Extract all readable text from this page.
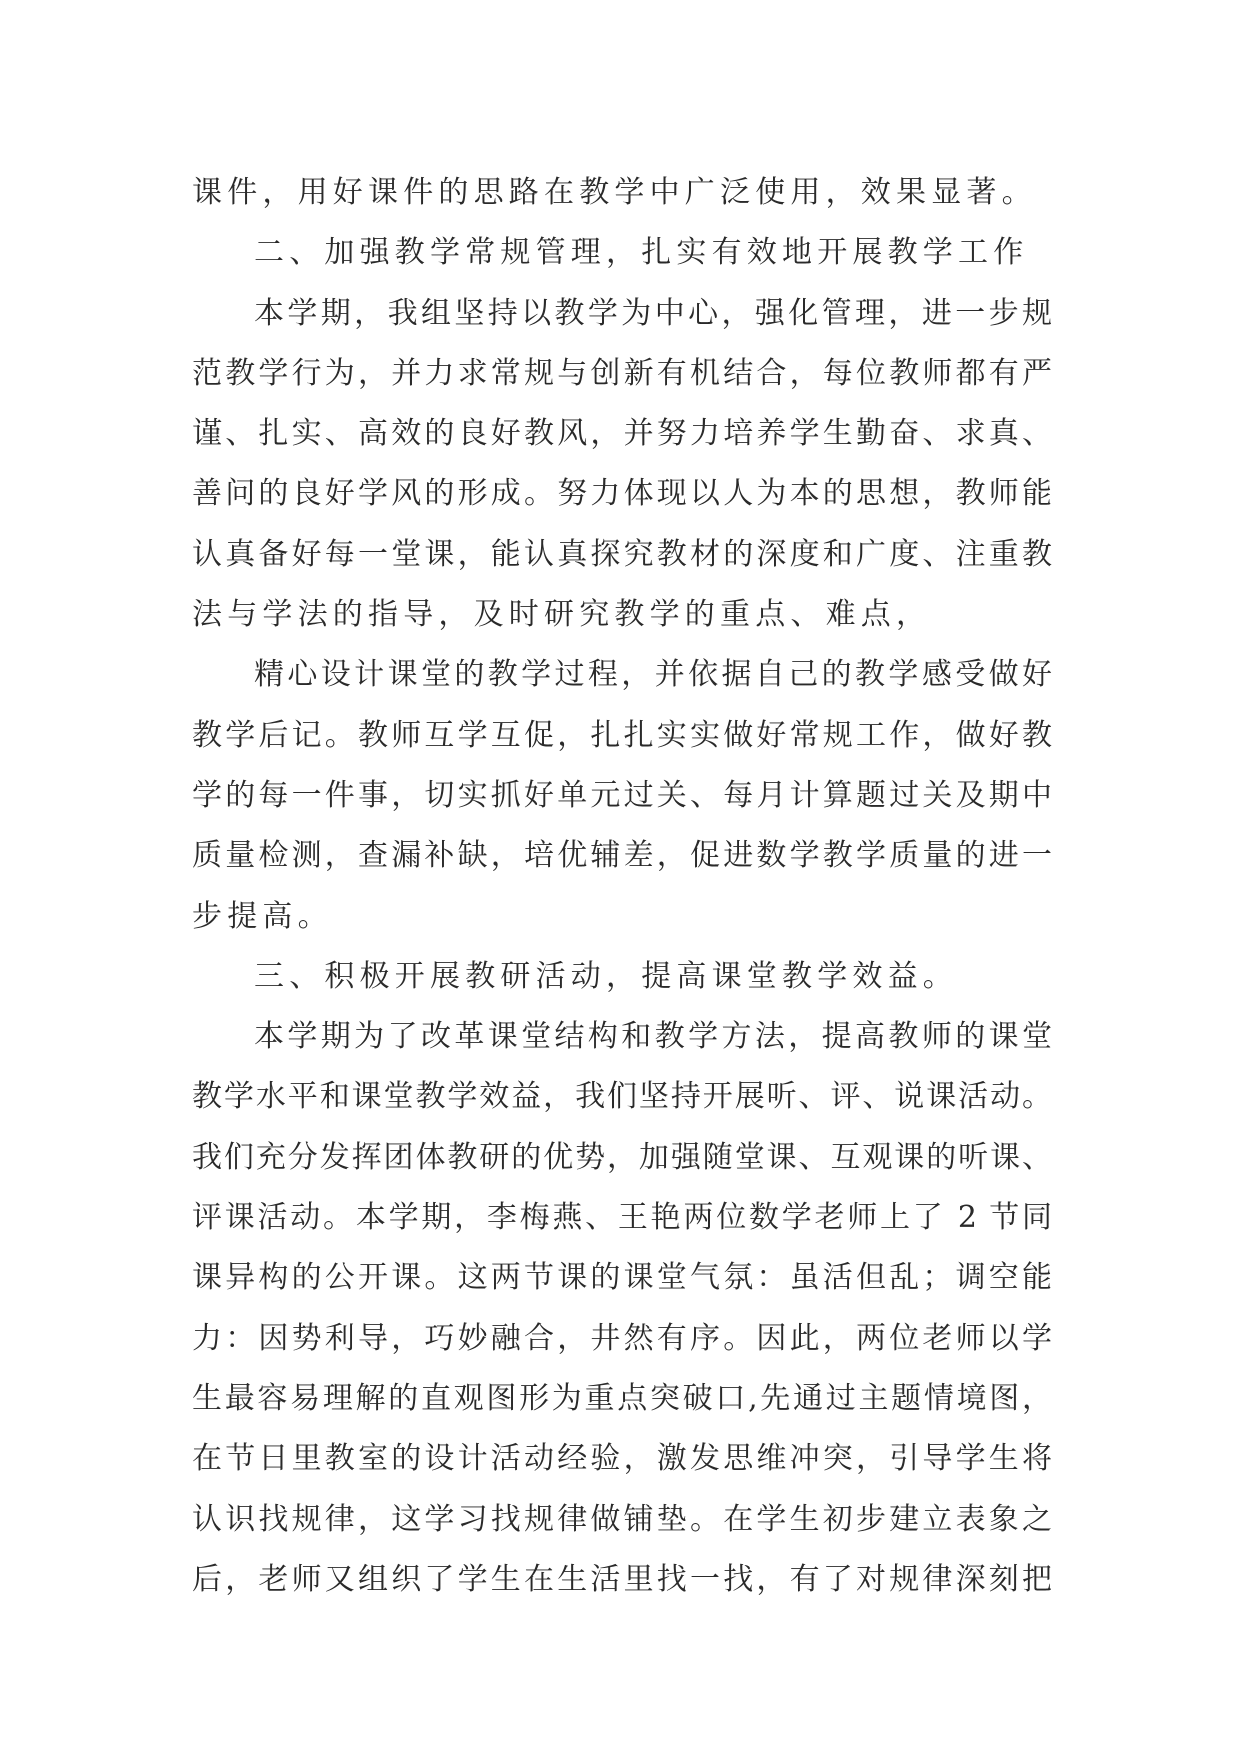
课件，用好课件的思路在教学中广泛使用，效果显著。
二、加强教学常规管理，扎实有效地开展教学工作
本学期，我组坚持以教学为中心，强化管理，进一步规
范教学行为，并力求常规与创新有机结合，每位教师都有严
谨、扎实、高效的良好教风，并努力培养学生勤奋、求真、
善问的良好学风的形成。努力体现以人为本的思想，教师能
认真备好每一堂课，能认真探究教材的深度和广度、注重教
法与学法的指导，及时研究教学的重点、难点，
精心设计课堂的教学过程，并依据自己的教学感受做好
教学后记。教师互学互促，扎扎实实做好常规工作，做好教
学的每一件事，切实抓好单元过关、每月计算题过关及期中
质量检测，查漏补缺，培优辅差，促进数学教学质量的进一
步提高。
三、积极开展教研活动，提高课堂教学效益。
本学期为了改革课堂结构和教学方法，提高教师的课堂
教学水平和课堂教学效益，我们坚持开展听、评、说课活动。
我们充分发挥团体教研的优势，加强随堂课、互观课的听课、
评课活动。本学期，李梅燕、王艳两位数学老师上了 2 节同
课异构的公开课。这两节课的课堂气氛：虽活但乱；调空能
力：因势利导，巧妙融合，井然有序。因此，两位老师以学
生最容易理解的直观图形为重点突破口,先通过主题情境图，
在节日里教室的设计活动经验，激发思维冲突，引导学生将
认识找规律，这学习找规律做铺垫。在学生初步建立表象之
后，老师又组织了学生在生活里找一找，有了对规律深刻把
